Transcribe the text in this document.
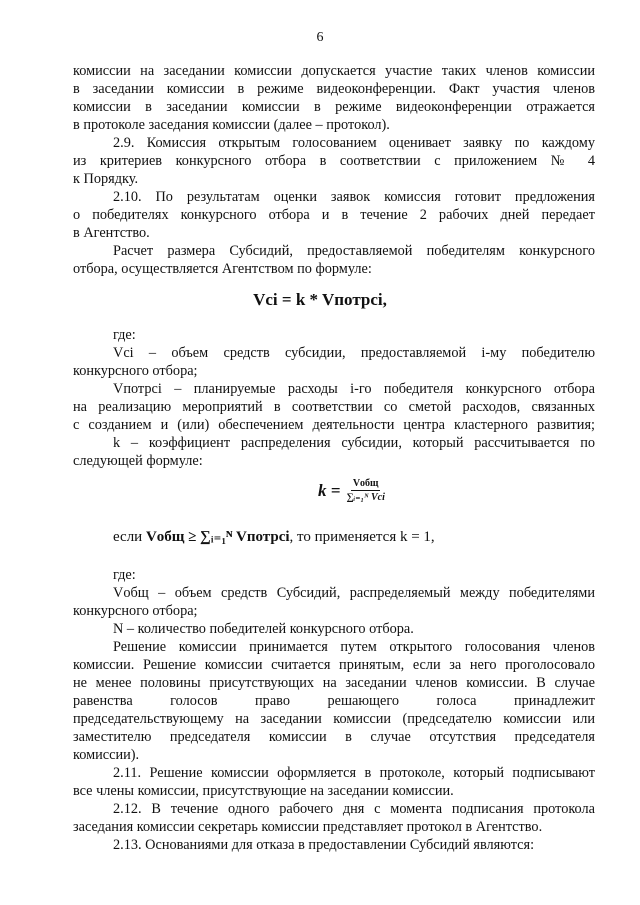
6

комиссии на заседании комиссии допускается участие таких членов комиссии

в заседании комиссии в режиме видеоконференции. Факт участия членов

комиссии в заседании комиссии в режиме видеоконференции отражается

в протоколе заседания комиссии (далее – протокол).

2.9. Комиссия открытым голосованием оценивает заявку по каждому

из критериев конкурсного отбора в соответствии с приложением № 4

к Порядку.

2.10. По результатам оценки заявок комиссия готовит предложения

о победителях конкурсного отбора и в течение 2 рабочих дней передает

в Агентство.

Расчет размера Субсидий, предоставляемой победителям конкурсного

отбора, осуществляется Агентством по формуле:

Vci = k * Vпотрci,

где:

Vci – объем средств субсидии, предоставляемой i-му победителю

конкурсного отбора;

Vпотрci – планируемые расходы i-го победителя конкурсного отбора

на реализацию мероприятий в соответствии со сметой расходов, связанных

с созданием и (или) обеспечением деятельности центра кластерного развития;

k – коэффициент распределения субсидии, который рассчитывается по

следующей формуле:

$k = \frac{\text{Vобщ}}{\text{∑ᵢ₌₁ᴺ Vci}}$

если Vобщ ≥ ∑ᵢ₌₁ᴺ Vпотрci, то применяется k = 1,

где:

Vобщ – объем средств Субсидий, распределяемый между победителями

конкурсного отбора;

N – количество победителей конкурсного отбора.

Решение комиссии принимается путем открытого голосования членов

комиссии. Решение комиссии считается принятым, если за него проголосовало

не менее половины присутствующих на заседании членов комиссии. В случае

равенства голосов право решающего голоса принадлежит

председательствующему на заседании комиссии (председателю комиссии или

заместителю председателя комиссии в случае отсутствия председателя

комиссии).

2.11. Решение комиссии оформляется в протоколе, который подписывают

все члены комиссии, присутствующие на заседании комиссии.

2.12. В течение одного рабочего дня с момента подписания протокола

заседания комиссии секретарь комиссии представляет протокол в Агентство.

2.13. Основаниями для отказа в предоставлении Субсидий являются:
